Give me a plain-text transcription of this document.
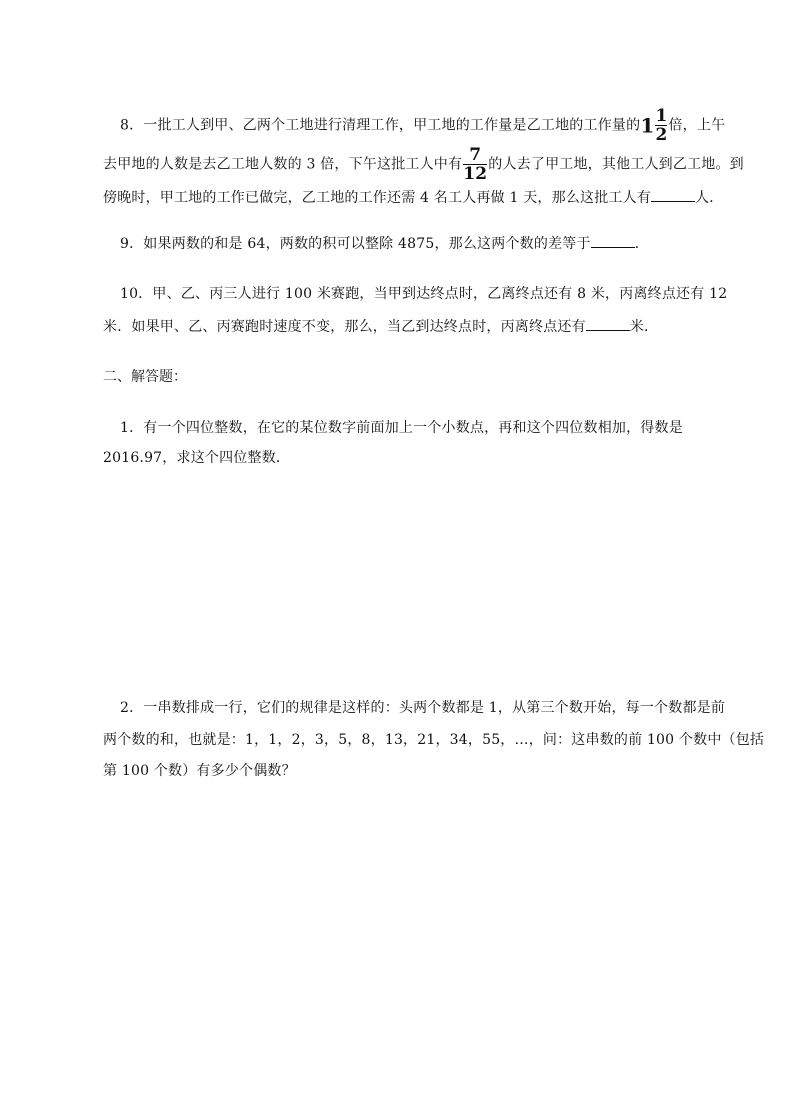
8．一批工人到甲、乙两个工地进行清理工作，甲工地的工作量是乙工地的工作量的$1 \frac{1}{2}$ 倍，上午
去甲地的人数是去乙工地人数的 3 倍，下午这批工人中有 $\frac{7}{12}$ 的人去了甲工地，其他工人到乙工地。到
傍晚时，甲工地的工作已做完，乙工地的工作还需 4 名工人再做 1 天，那么这批工人有	人．
9．如果两数的和是 64，两数的积可以整除 4875，那么这两个数的差等于	．
10．甲、乙、丙三人进行 100 米赛跑，当甲到达终点时，乙离终点还有 8 米，丙离终点还有 12
米．如果甲、乙、丙赛跑时速度不变，那么，当乙到达终点时，丙离终点还有	米．
二、解答题：
1．有一个四位整数，在它的某位数字前面加上一个小数点，再和这个四位数相加，得数是
2016.97，求这个四位整数．
2．一串数排成一行，它们的规律是这样的：头两个数都是 1，从第三个数开始，每一个数都是前
两个数的和，也就是：1，1，2，3，5，8，13，21，34，55，…，问：这串数的前 100 个数中（包括
第 100 个数）有多少个偶数？
